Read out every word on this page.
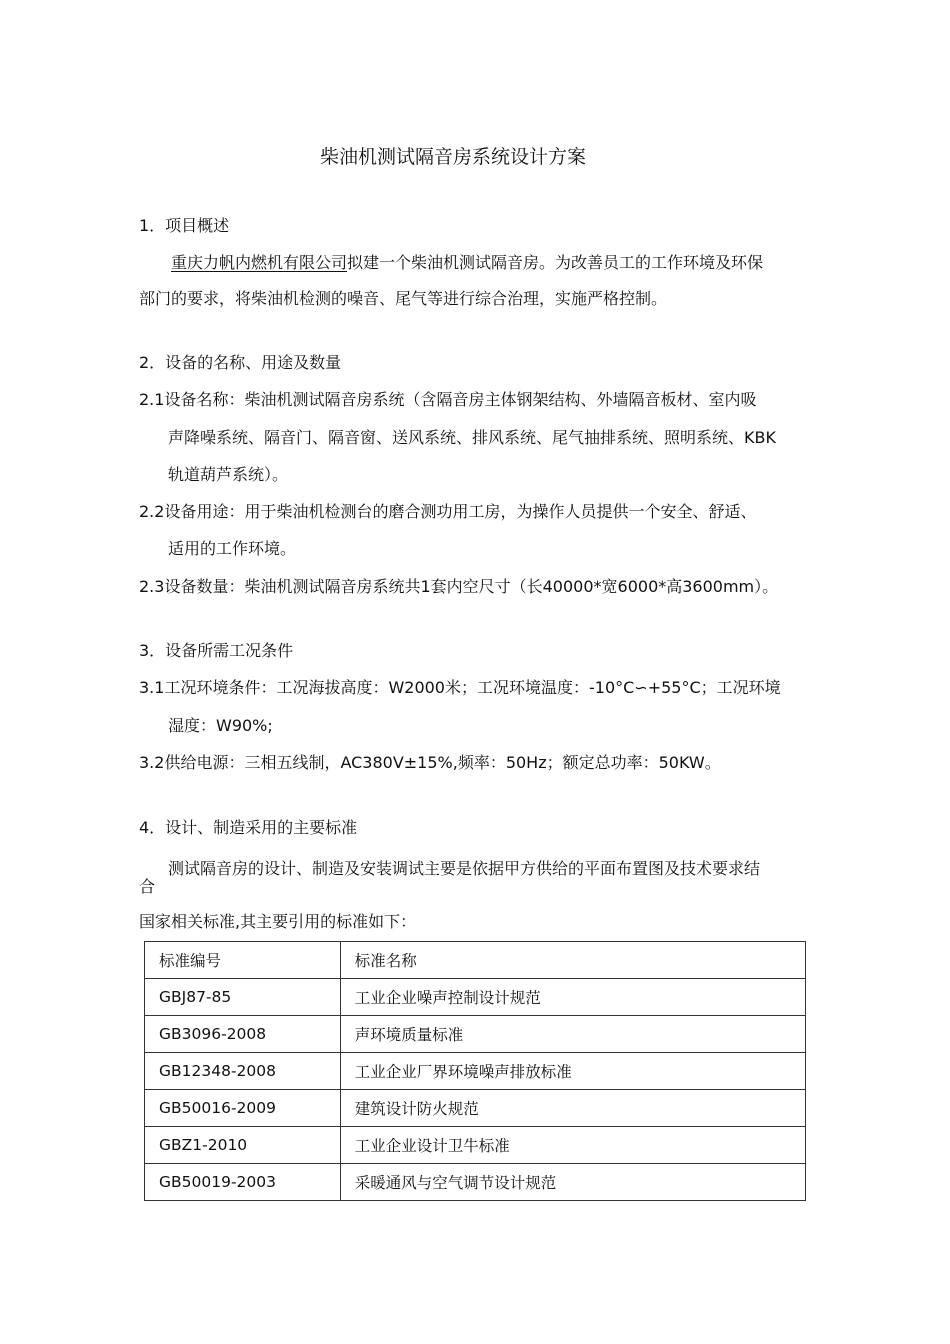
柴油机测试隔音房系统设计方案
1．项目概述
重庆力帆内燃机有限公司拟建一个柴油机测试隔音房。为改善员工的工作环境及环保
部门的要求，将柴油机检测的噪音、尾气等进行综合治理，实施严格控制。
2．设备的名称、用途及数量
2.1设备名称：柴油机测试隔音房系统（含隔音房主体钢架结构、外墙隔音板材、室内吸
声降噪系统、隔音门、隔音窗、送风系统、排风系统、尾气抽排系统、照明系统、KBK
轨道葫芦系统）。
2.2设备用途：用于柴油机检测台的磨合测功用工房，为操作人员提供一个安全、舒适、
适用的工作环境。
2.3设备数量：柴油机测试隔音房系统共1套内空尺寸（长40000*宽6000*高3600mm）。
3．设备所需工况条件
3.1工况环境条件：工况海拔高度：W2000米；工况环境温度：-10°C∽+55°C；工况环境
湿度：W90%;
3.2供给电源：三相五线制，AC380V±15%,频率：50Hz；额定总功率：50KW。
4．设计、制造采用的主要标准
测试隔音房的设计、制造及安装调试主要是依据甲方供给的平面布置图及技术要求结
合
国家相关标准,其主要引用的标准如下：
标准编号	标准名称
GBJ87-85	工业企业噪声控制设计规范
GB3096-2008	声环境质量标准
GB12348-2008	工业企业厂界环境噪声排放标准
GB50016-2009	建筑设计防火规范
GBZ1-2010	工业企业设计卫牛标准
GB50019-2003	采暖通风与空气调节设计规范
